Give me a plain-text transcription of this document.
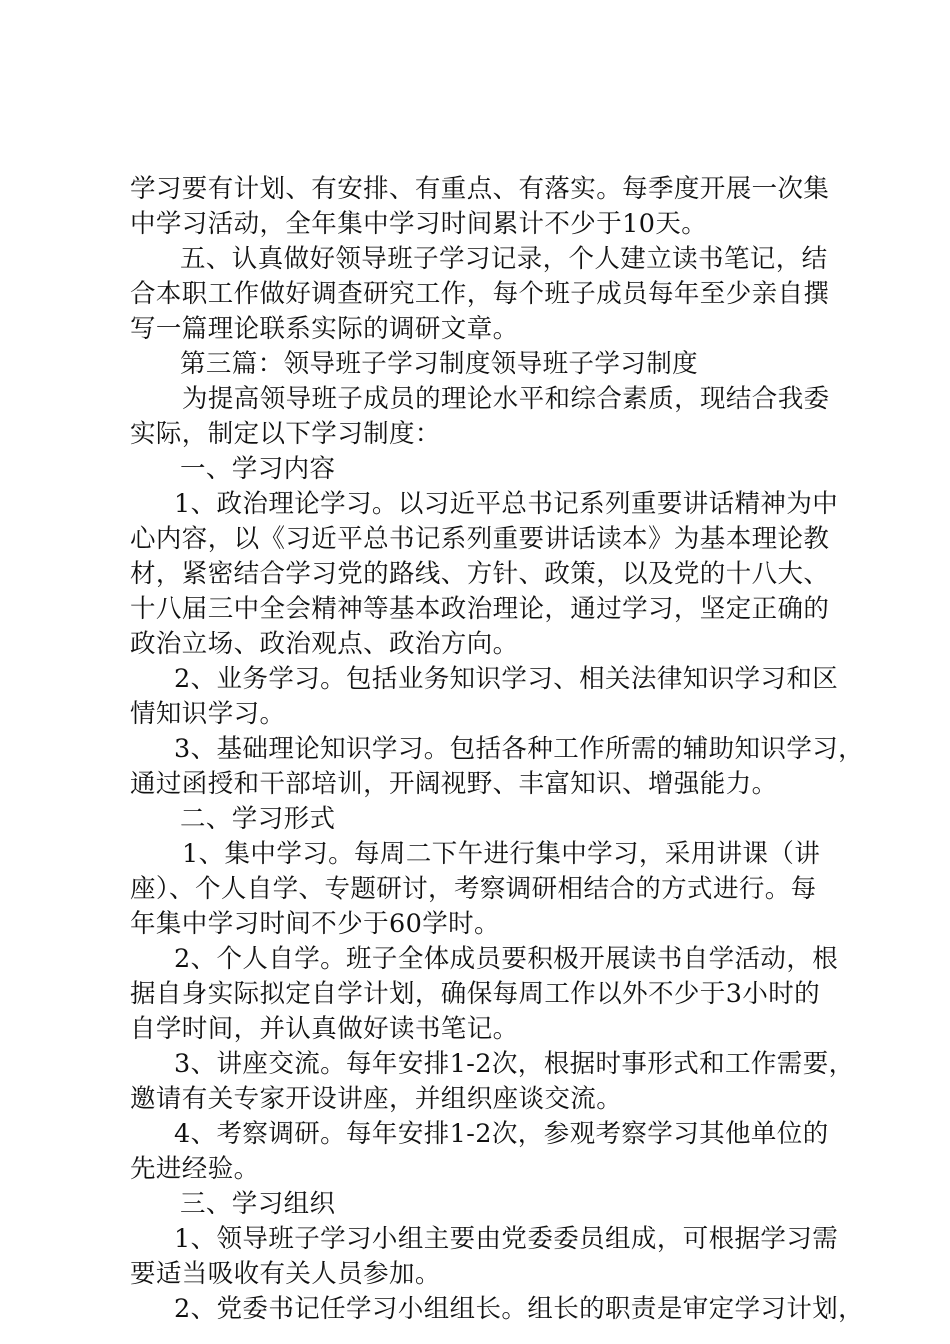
学习要有计划、有安排、有重点、有落实。每季度开展一次集
中学习活动，全年集中学习时间累计不少于10天。
五、认真做好领导班子学习记录，个人建立读书笔记，结
合本职工作做好调查研究工作，每个班子成员每年至少亲自撰
写一篇理论联系实际的调研文章。
第三篇：领导班子学习制度领导班子学习制度
为提高领导班子成员的理论水平和综合素质，现结合我委
实际，制定以下学习制度：
一、学习内容
1、政治理论学习。以习近平总书记系列重要讲话精神为中
心内容，以《习近平总书记系列重要讲话读本》为基本理论教
材，紧密结合学习党的路线、方针、政策，以及党的十八大、
十八届三中全会精神等基本政治理论，通过学习，坚定正确的
政治立场、政治观点、政治方向。
2、业务学习。包括业务知识学习、相关法律知识学习和区
情知识学习。
3、基础理论知识学习。包括各种工作所需的辅助知识学习，
通过函授和干部培训，开阔视野、丰富知识、增强能力。
二、学习形式
1、集中学习。每周二下午进行集中学习，采用讲课（讲
座）、个人自学、专题研讨，考察调研相结合的方式进行。每
年集中学习时间不少于60学时。
2、个人自学。班子全体成员要积极开展读书自学活动，根
据自身实际拟定自学计划，确保每周工作以外不少于3小时的
自学时间，并认真做好读书笔记。
3、讲座交流。每年安排1-2次，根据时事形式和工作需要，
邀请有关专家开设讲座，并组织座谈交流。
4、考察调研。每年安排1-2次，参观考察学习其他单位的
先进经验。
三、学习组织
1、领导班子学习小组主要由党委委员组成，可根据学习需
要适当吸收有关人员参加。
2、党委书记任学习小组组长。组长的职责是审定学习计划，
